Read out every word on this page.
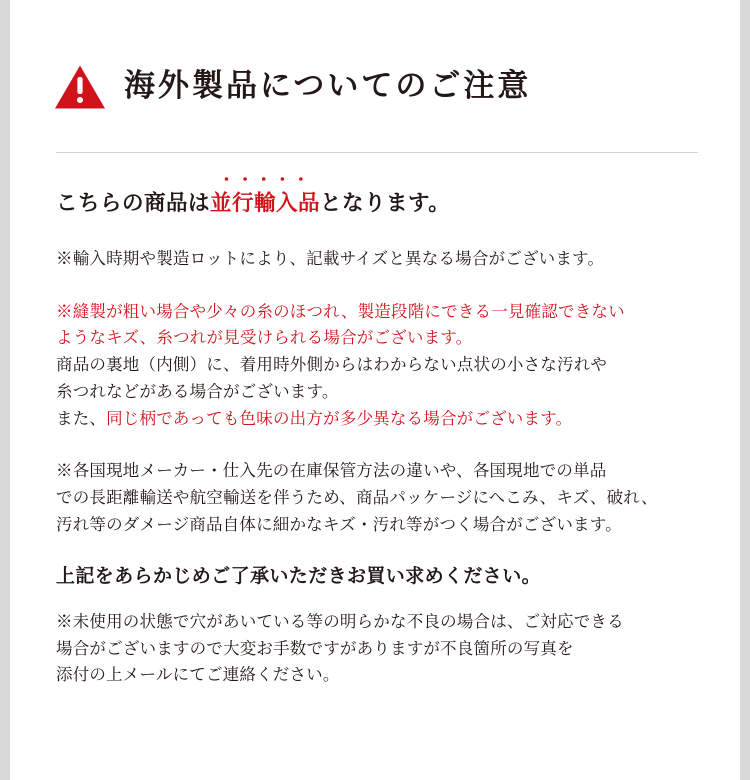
海外製品についてのご注意

こちらの商品は・・・・・ 並行輸入品となります。

※輸入時期や製造ロットにより、記載サイズと異なる場合がございます。

※縫製が粗い場合や少々の糸のほつれ、製造段階にできる一見確認できない
ようなキズ、糸つれが見受けられる場合がございます。
商品の裏地（内側）に、着用時外側からはわからない点状の小さな汚れや
糸つれなどがある場合がございます。
また、同じ柄であっても色味の出方が多少異なる場合がございます。

※各国現地メーカー・仕入先の在庫保管方法の違いや、各国現地での単品
での長距離輸送や航空輸送を伴うため、商品パッケージにへこみ、キズ、破れ、
汚れ等のダメージ商品自体に細かなキズ・汚れ等がつく場合がございます。

上記をあらかじめご了承いただきお買い求めください。

※未使用の状態で穴があいている等の明らかな不良の場合は、ご対応できる
場合がございますので大変お手数ですがありますが不良箇所の写真を
添付の上メールにてご連絡ください。
